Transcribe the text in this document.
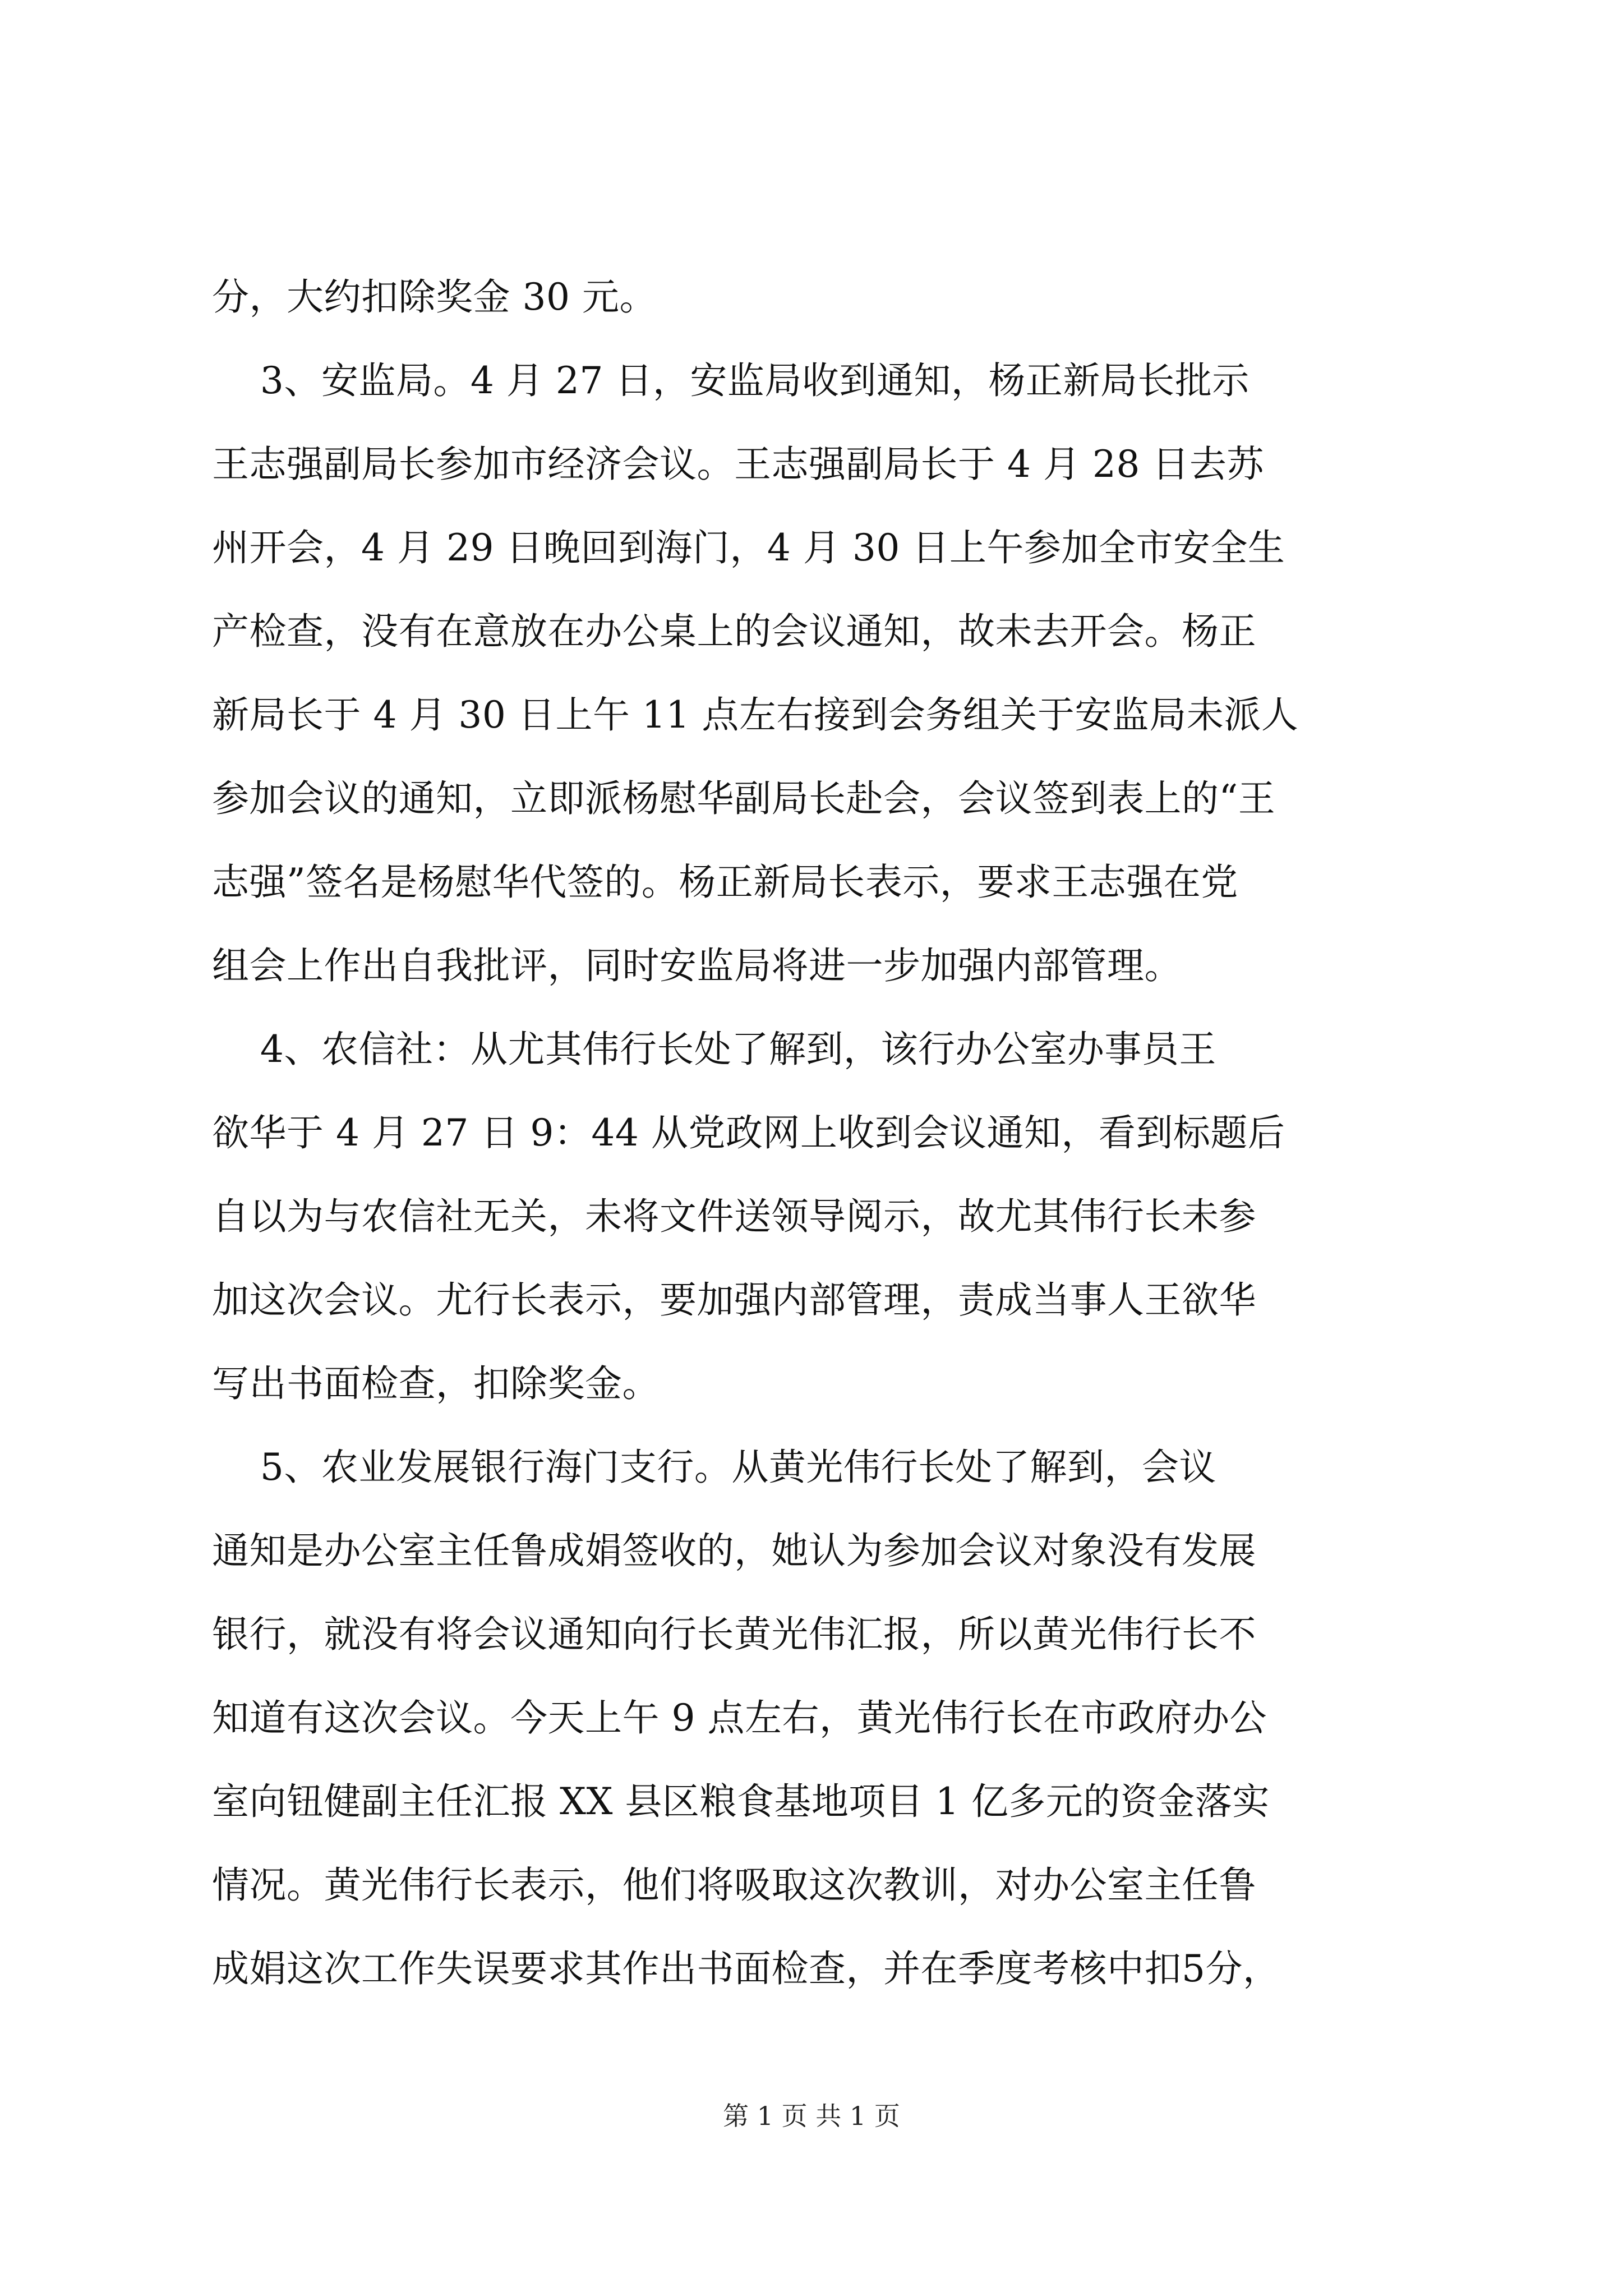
分，大约扣除奖金 30 元。
3、安监局。4 月 27 日，安监局收到通知，杨正新局长批示
王志强副局长参加市经济会议。王志强副局长于 4 月 28 日去苏
州开会，4 月 29 日晚回到海门，4 月 30 日上午参加全市安全生
产检查，没有在意放在办公桌上的会议通知，故未去开会。杨正
新局长于 4 月 30 日上午 11 点左右接到会务组关于安监局未派人
参加会议的通知，立即派杨慰华副局长赴会，会议签到表上的“王
志强”签名是杨慰华代签的。杨正新局长表示，要求王志强在党
组会上作出自我批评，同时安监局将进一步加强内部管理。
4、农信社：从尤其伟行长处了解到，该行办公室办事员王
欲华于 4 月 27 日 9：44 从党政网上收到会议通知，看到标题后
自以为与农信社无关，未将文件送领导阅示，故尤其伟行长未参
加这次会议。尤行长表示，要加强内部管理，责成当事人王欲华
写出书面检查，扣除奖金。
5、农业发展银行海门支行。从黄光伟行长处了解到，会议
通知是办公室主任鲁成娟签收的，她认为参加会议对象没有发展
银行，就没有将会议通知向行长黄光伟汇报，所以黄光伟行长不
知道有这次会议。今天上午 9 点左右，黄光伟行长在市政府办公
室向钮健副主任汇报 XX 县区粮食基地项目 1 亿多元的资金落实
情况。黄光伟行长表示，他们将吸取这次教训，对办公室主任鲁
成娟这次工作失误要求其作出书面检查，并在季度考核中扣5分，
第 1 页 共 1 页
